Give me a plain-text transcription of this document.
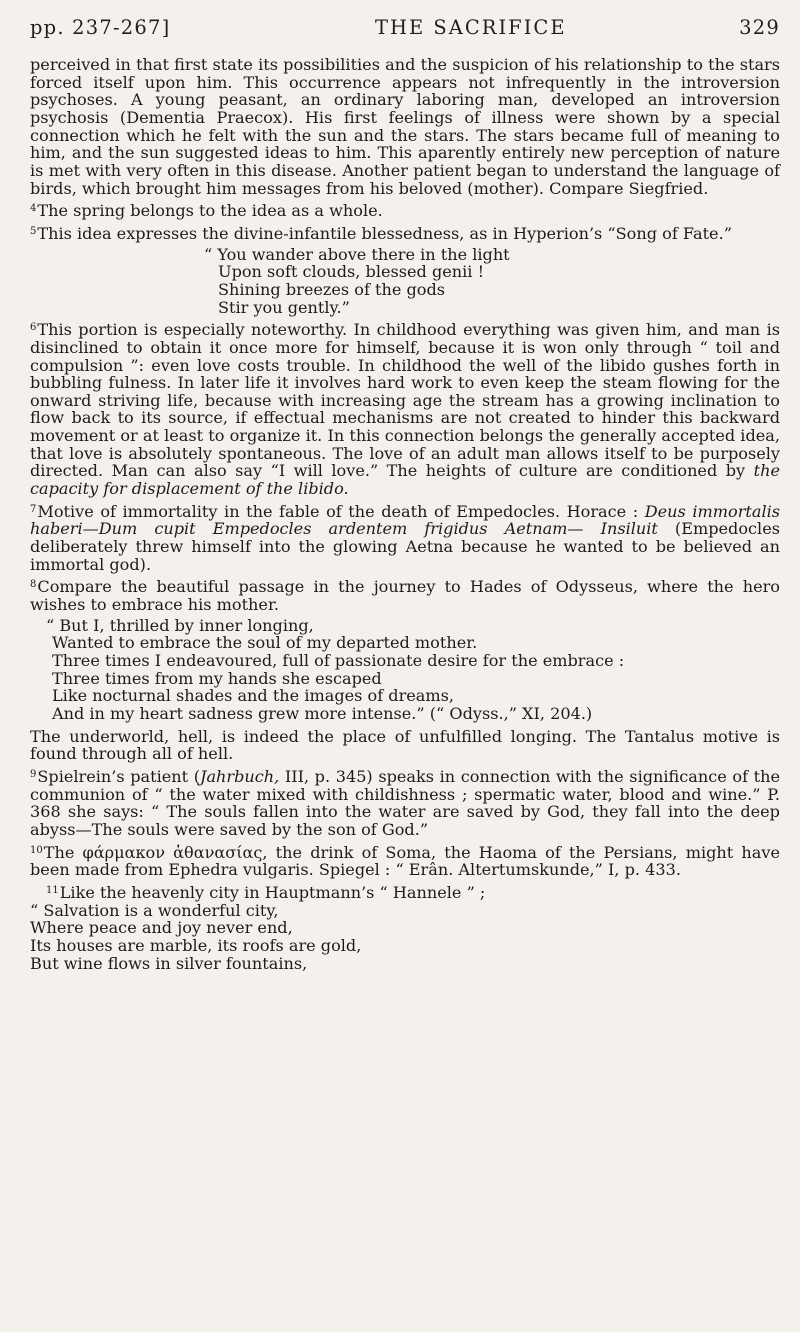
pp. 237-267]	THE SACRIFICE	329

perceived in that first state its possibilities and the suspicion of his relationship to the stars forced itself upon him. This occurrence appears not infrequently in the introversion psychoses. A young peasant, an ordinary laboring man, developed an introversion psychosis (Dementia Praecox). His first feelings of illness were shown by a special connection which he felt with the sun and the stars. The stars became full of meaning to him, and the sun suggested ideas to him. This aparently entirely new perception of nature is met with very often in this disease. Another patient began to understand the language of birds, which brought him messages from his beloved (mother). Compare Siegfried.

$^4$The spring belongs to the idea as a whole.

$^5$This idea expresses the divine-infantile blessedness, as in Hyperion’s “Song of Fate.”

“ You wander above there in the light
Upon soft clouds, blessed genii !
Shining breezes of the gods
Stir you gently.”

$^6$This portion is especially noteworthy. In childhood everything was given him, and man is disinclined to obtain it once more for himself, because it is won only through “ toil and compulsion ”: even love costs trouble. In childhood the well of the libido gushes forth in bubbling fulness. In later life it involves hard work to even keep the steam flowing for the onward striving life, because with increasing age the stream has a growing inclination to flow back to its source, if effectual mechanisms are not created to hinder this backward movement or at least to organize it. In this connection belongs the generally accepted idea, that love is absolutely spontaneous. The love of an adult man allows itself to be purposely directed. Man can also say “I will love.” The heights of culture are conditioned by the capacity for displacement of the libido.

$^7$Motive of immortality in the fable of the death of Empedocles. Horace : Deus immortalis haberi—Dum cupit Empedocles ardentem frigidus Aetnam— Insiluit (Empedocles deliberately threw himself into the glowing Aetna because he wanted to be believed an immortal god).

$^8$Compare the beautiful passage in the journey to Hades of Odysseus, where the hero wishes to embrace his mother.

“ But I, thrilled by inner longing,
Wanted to embrace the soul of my departed mother.
Three times I endeavoured, full of passionate desire for the embrace :
Three times from my hands she escaped
Like nocturnal shades and the images of dreams,
And in my heart sadness grew more intense.” (“ Odyss.,” XI, 204.)

The underworld, hell, is indeed the place of unfulfilled longing. The Tantalus motive is found through all of hell.

$^9$Spielrein’s patient (Jahrbuch, III, p. 345) speaks in connection with the significance of the communion of “ the water mixed with childishness ; spermatic water, blood and wine.” P. 368 she says: “ The souls fallen into the water are saved by God, they fall into the deep abyss—The souls were saved by the son of God.”

$^{10}$The φάρμακον ἀθανασίας, the drink of Soma, the Haoma of the Persians, might have been made from Ephedra vulgaris. Spiegel : “ Erân. Altertumskunde,” I, p. 433.

$^{11}$Like the heavenly city in Hauptmann’s “ Hannele ” ;
“ Salvation is a wonderful city,
Where peace and joy never end,
Its houses are marble, its roofs are gold,
But wine flows in silver fountains,
